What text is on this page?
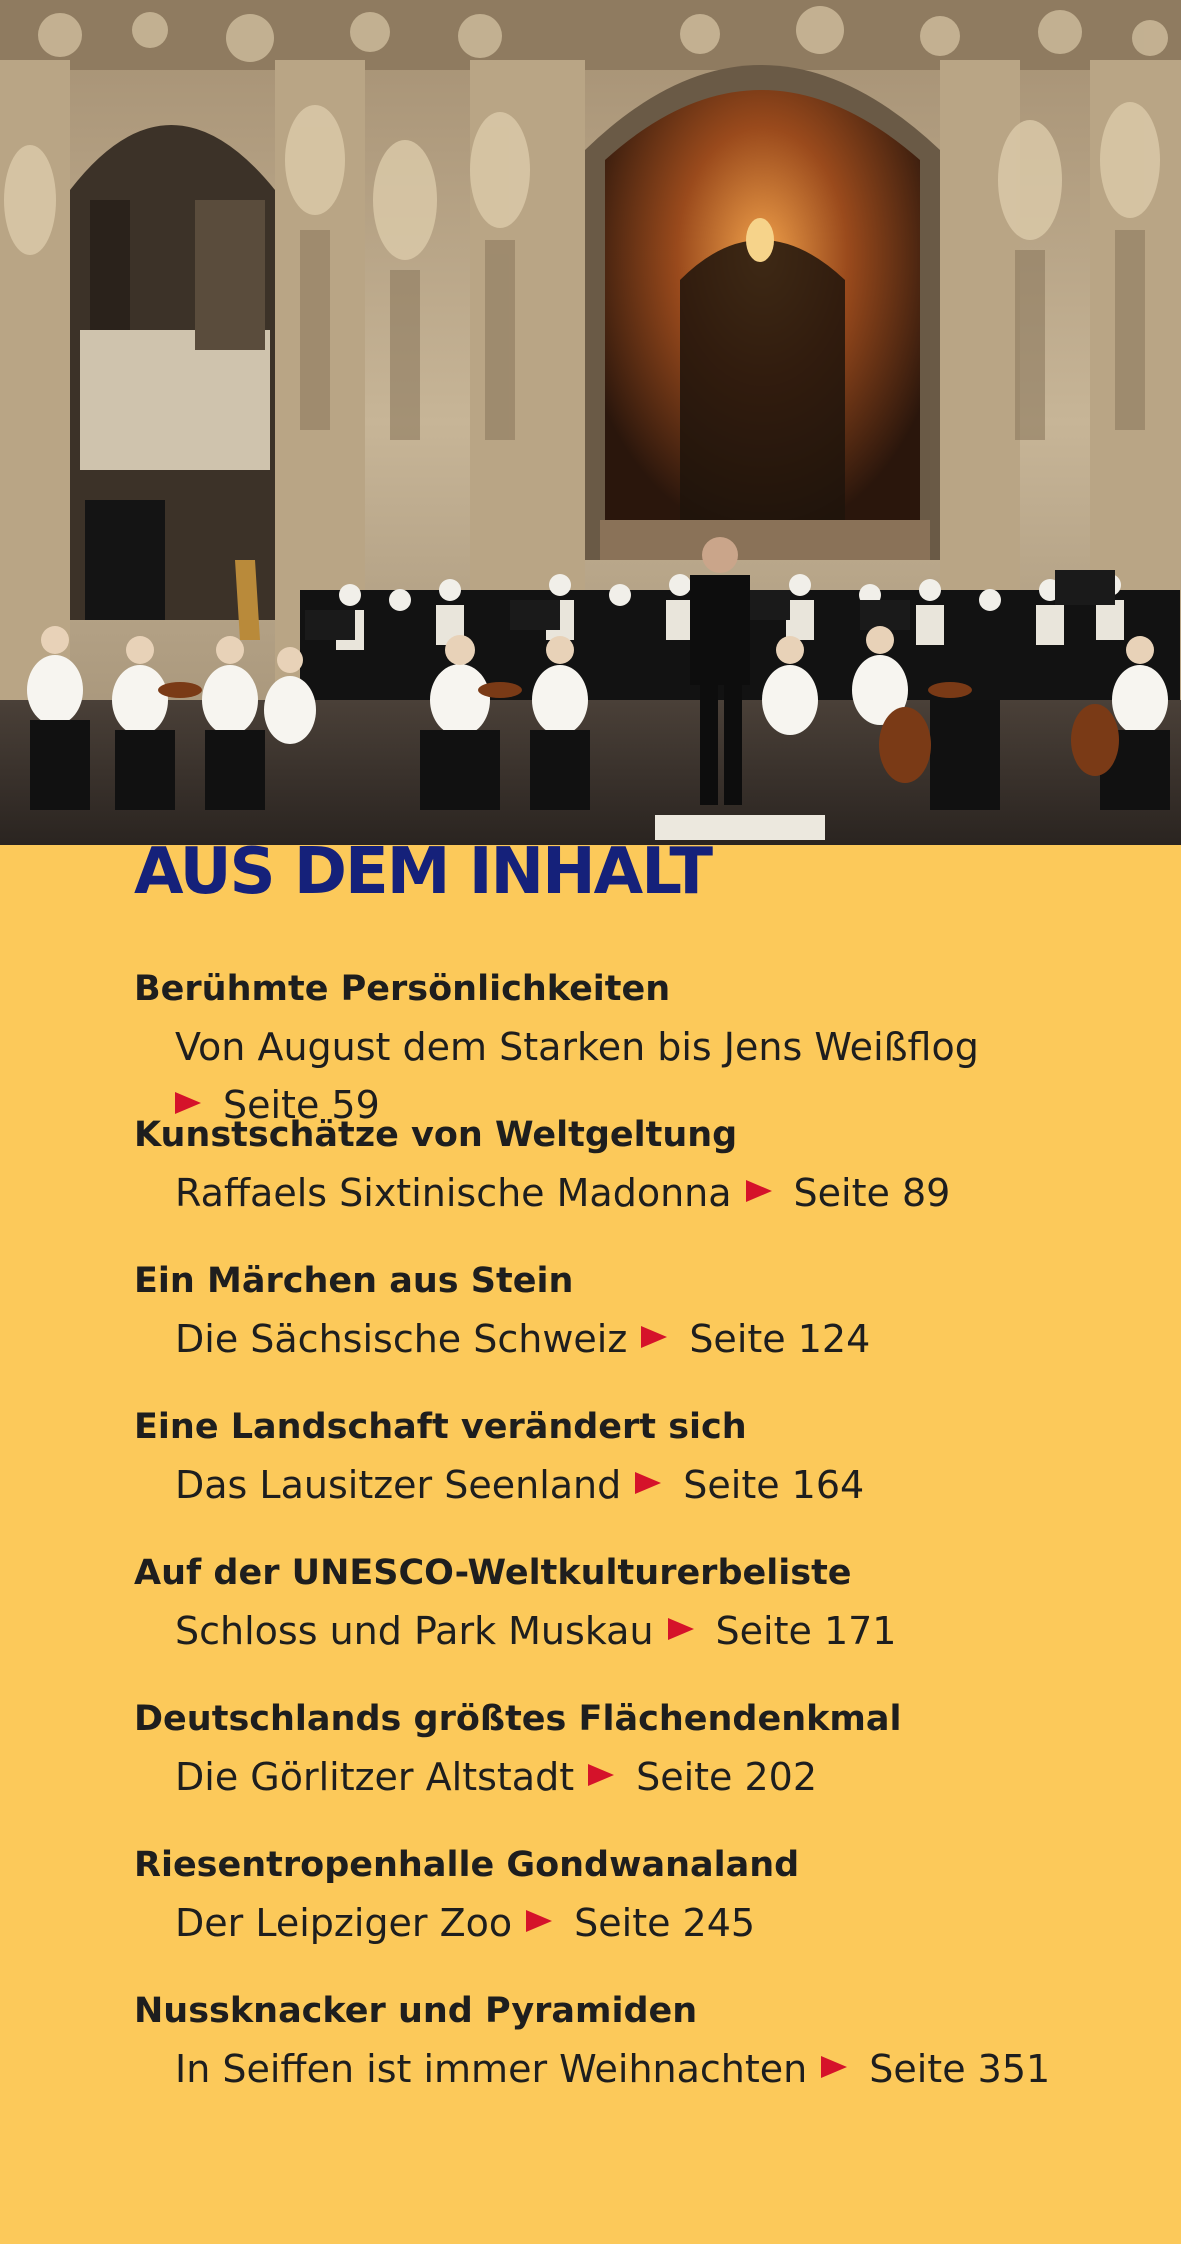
AUS DEM INHALT
Berühmte Persönlichkeiten
Von August dem Starken bis Jens Weißflog
Seite 59
Kunstschätze von Weltgeltung
Raffaels Sixtinische Madonna Seite 89
Ein Märchen aus Stein
Die Sächsische Schweiz Seite 124
Eine Landschaft verändert sich
Das Lausitzer Seenland Seite 164
Auf der UNESCO-Weltkulturerbeliste
Schloss und Park Muskau Seite 171
Deutschlands größtes Flächendenkmal
Die Görlitzer Altstadt Seite 202
Riesentropenhalle Gondwanaland
Der Leipziger Zoo Seite 245
Nussknacker und Pyramiden
In Seiffen ist immer Weihnachten Seite 351
